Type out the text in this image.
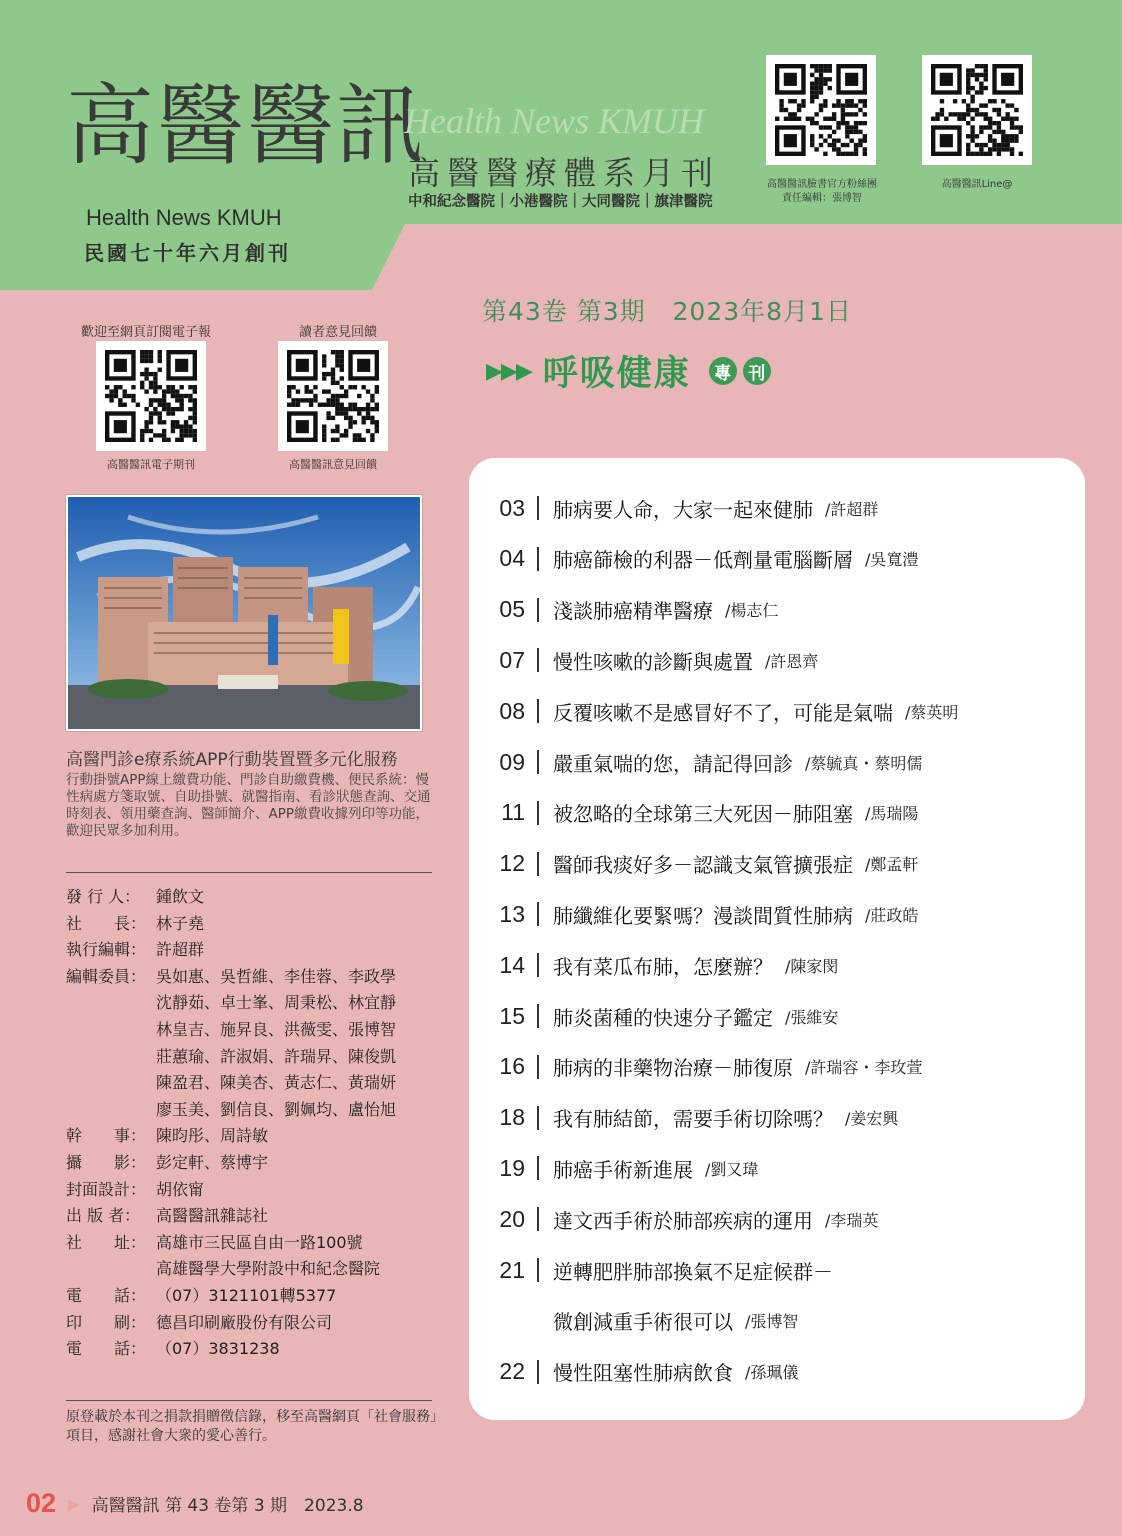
高醫醫訊
Health News KMUH
民國七十年六月創刊
Health News KMUH
高醫醫療體系月刊
中和紀念醫院｜小港醫院｜大同醫院｜旗津醫院
高醫醫訊臉書官方粉絲團
責任編輯：張博智
高醫醫訊Line@
第43卷 第3期 2023年8月1日
▶▶▶ 呼吸健康	專	刊
歡迎至網頁訂閱電子報	讀者意見回饋
高醫醫訊電子期刊	高醫醫訊意見回饋
高醫門診e療系統APP行動裝置暨多元化服務
行動掛號APP線上繳費功能、門診自助繳費機、便民系統：慢性病處方箋取號、自助掛號、就醫指南、看診狀態查詢、交通時刻表、領用藥查詢、醫師簡介、APP繳費收據列印等功能，歡迎民眾多加利用。
發 行 人： 鍾飲文
社　　長： 林子堯
執行編輯： 許超群
編輯委員： 吳如惠、吳哲維、李佳蓉、李政學
沈靜茹、卓士峯、周秉松、林宜靜
林皇吉、施昇良、洪薇雯、張博智
莊蕙瑜、許淑娟、許瑞昇、陳俊凱
陳盈君、陳美杏、黃志仁、黃瑞妍
廖玉美、劉信良、劉姵均、盧怡旭
幹　　事： 陳昀彤、周詩敏
攝　　影： 彭定軒、蔡博宇
封面設計： 胡依甯
出 版 者： 高醫醫訊雜誌社
社　　址： 高雄市三民區自由一路100號
高雄醫學大學附設中和紀念醫院
電　　話： （07）3121101轉5377
印　　刷： 德昌印刷廠股份有限公司
電　　話： （07）3831238
原登載於本刊之捐款捐贈徵信錄，移至高醫網頁「社會服務」項目，感謝社會大衆的愛心善行。
02 ▶ 高醫醫訊 第 43 卷第 3 期　2023.8
03 肺病要人命，大家一起來健肺 /許超群
04 肺癌篩檢的利器－低劑量電腦斷層 /吳寬澧
05 淺談肺癌精準醫療 /楊志仁
07 慢性咳嗽的診斷與處置 /許恩齊
08 反覆咳嗽不是感冒好不了，可能是氣喘 /蔡英明
09 嚴重氣喘的您，請記得回診 /蔡毓真・蔡明儒
11 被忽略的全球第三大死因－肺阻塞 /馬瑞陽
12 醫師我痰好多－認識支氣管擴張症 /鄭孟軒
13 肺纖維化要緊嗎？漫談間質性肺病 /莊政皓
14 我有菜瓜布肺，怎麼辦？ /陳家閔
15 肺炎菌種的快速分子鑑定 /張維安
16 肺病的非藥物治療－肺復原 /許瑞容・李玫萱
18 我有肺結節，需要手術切除嗎？ /姜宏興
19 肺癌手術新進展 /劉又瑋
20 達文西手術於肺部疾病的運用 /李瑞英
21 逆轉肥胖肺部換氣不足症候群－
微創減重手術很可以 /張博智
22 慢性阻塞性肺病飲食 /孫珮儀
